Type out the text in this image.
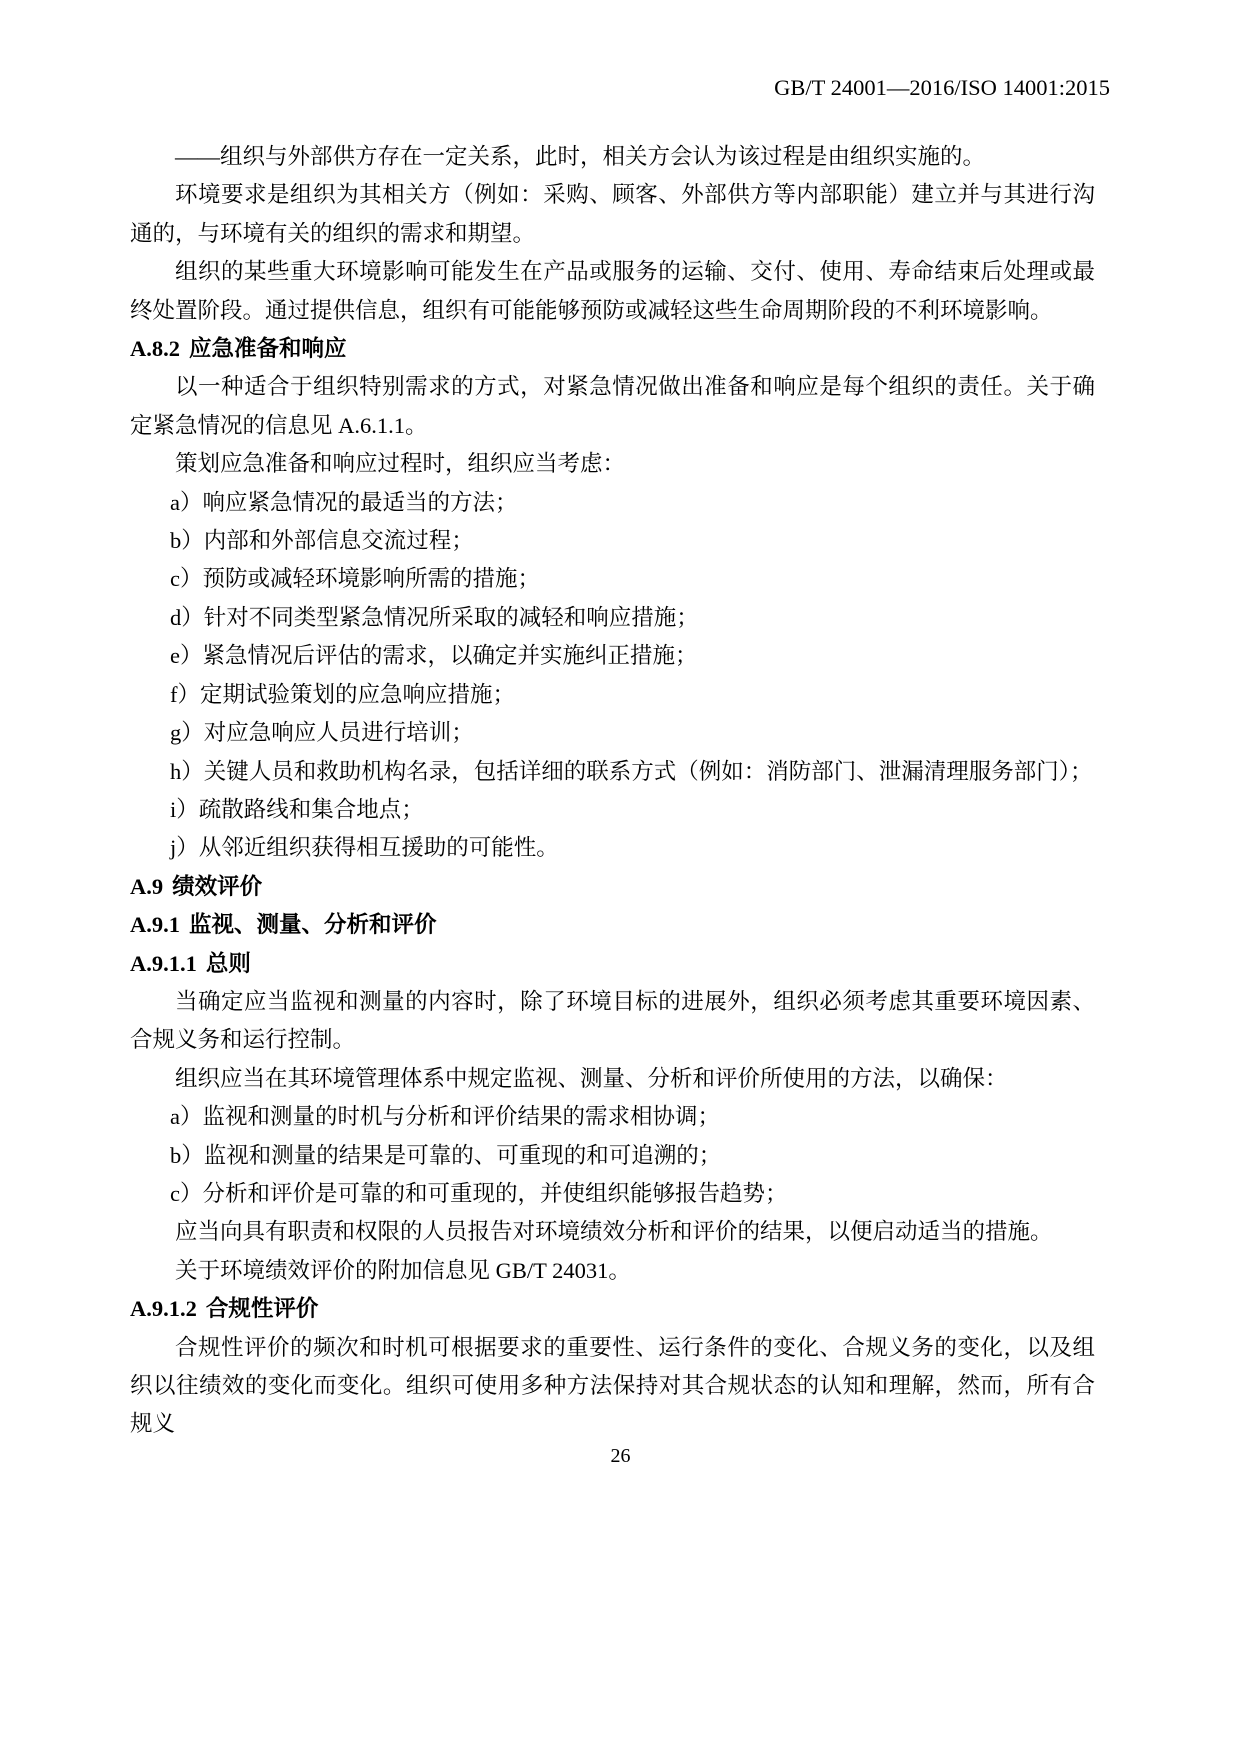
GB/T 24001—2016/ISO 14001:2015

——组织与外部供方存在一定关系，此时，相关方会认为该过程是由组织实施的。

环境要求是组织为其相关方（例如：采购、顾客、外部供方等内部职能）建立并与其进行沟通的，与环境有关的组织的需求和期望。

组织的某些重大环境影响可能发生在产品或服务的运输、交付、使用、寿命结束后处理或最终处置阶段。通过提供信息，组织有可能能够预防或减轻这些生命周期阶段的不利环境影响。

A.8.2 应急准备和响应

以一种适合于组织特别需求的方式，对紧急情况做出准备和响应是每个组织的责任。关于确定紧急情况的信息见 A.6.1.1。

策划应急准备和响应过程时，组织应当考虑：

a）响应紧急情况的最适当的方法；
b）内部和外部信息交流过程；
c）预防或减轻环境影响所需的措施；
d）针对不同类型紧急情况所采取的减轻和响应措施；
e）紧急情况后评估的需求，以确定并实施纠正措施；
f）定期试验策划的应急响应措施；
g）对应急响应人员进行培训；
h）关键人员和救助机构名录，包括详细的联系方式（例如：消防部门、泄漏清理服务部门）；
i）疏散路线和集合地点；
j）从邻近组织获得相互援助的可能性。
A.9 绩效评价
A.9.1 监视、测量、分析和评价
A.9.1.1 总则

当确定应当监视和测量的内容时，除了环境目标的进展外，组织必须考虑其重要环境因素、合规义务和运行控制。

组织应当在其环境管理体系中规定监视、测量、分析和评价所使用的方法，以确保：

a）监视和测量的时机与分析和评价结果的需求相协调；
b）监视和测量的结果是可靠的、可重现的和可追溯的；
c）分析和评价是可靠的和可重现的，并使组织能够报告趋势；

应当向具有职责和权限的人员报告对环境绩效分析和评价的结果，以便启动适当的措施。

关于环境绩效评价的附加信息见 GB/T 24031。

A.9.1.2 合规性评价

合规性评价的频次和时机可根据要求的重要性、运行条件的变化、合规义务的变化，以及组织以往绩效的变化而变化。组织可使用多种方法保持对其合规状态的认知和理解，然而，所有合规义

26
